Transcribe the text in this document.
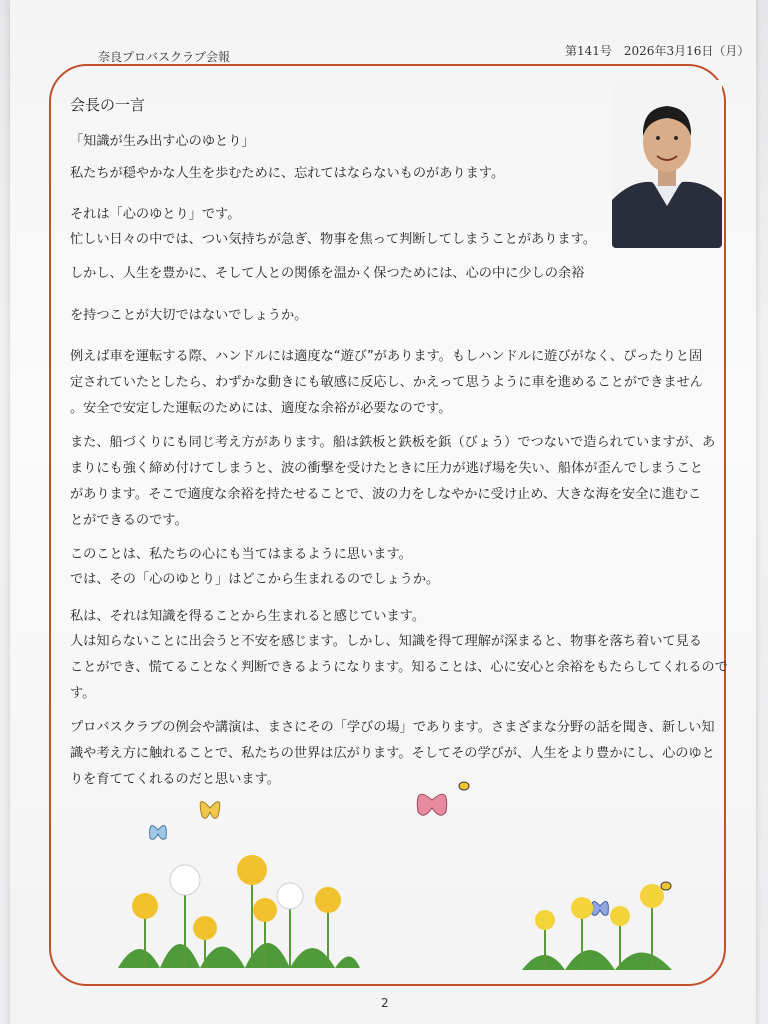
奈良プロバスクラブ会報	第141号　2026年3月16日（月）
会長の一言
「知識が生み出す心のゆとり」
私たちが穏やかな人生を歩むために、忘れてはならないものがあります。
それは「心のゆとり」です。
忙しい日々の中では、つい気持ちが急ぎ、物事を焦って判断してしまうことがあります。
しかし、人生を豊かに、そして人との関係を温かく保つためには、心の中に少しの余裕
を持つことが大切ではないでしょうか。
例えば車を運転する際、ハンドルには適度な“遊び”があります。もしハンドルに遊びがなく、ぴったりと固
定されていたとしたら、わずかな動きにも敏感に反応し、かえって思うように車を進めることができません
。安全で安定した運転のためには、適度な余裕が必要なのです。
また、船づくりにも同じ考え方があります。船は鉄板と鉄板を鋲（びょう）でつないで造られていますが、あ
まりにも強く締め付けてしまうと、波の衝撃を受けたときに圧力が逃げ場を失い、船体が歪んでしまうこと
があります。そこで適度な余裕を持たせることで、波の力をしなやかに受け止め、大きな海を安全に進むこ
とができるのです。
このことは、私たちの心にも当てはまるように思います。
では、その「心のゆとり」はどこから生まれるのでしょうか。
私は、それは知識を得ることから生まれると感じています。
人は知らないことに出会うと不安を感じます。しかし、知識を得て理解が深まると、物事を落ち着いて見る
ことができ、慌てることなく判断できるようになります。知ることは、心に安心と余裕をもたらしてくれるので
す。
プロバスクラブの例会や講演は、まさにその「学びの場」であります。さまざまな分野の話を聞き、新しい知
識や考え方に触れることで、私たちの世界は広がります。そしてその学びが、人生をより豊かにし、心のゆと
りを育ててくれるのだと思います。
2
